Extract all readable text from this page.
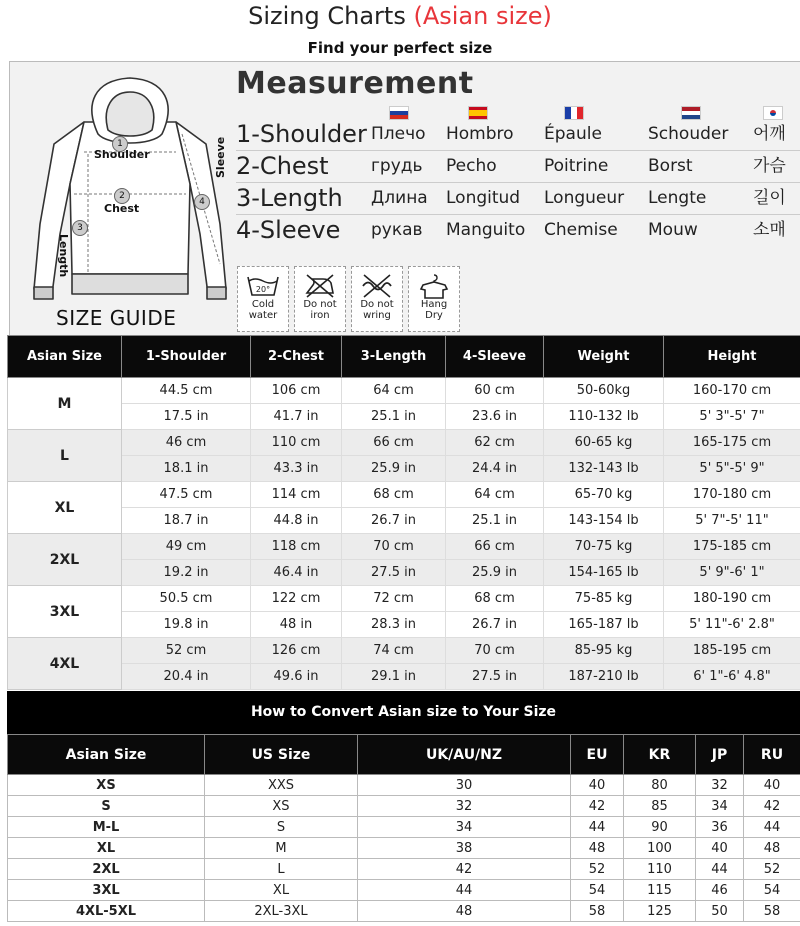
Sizing Charts (Asian size)
Find your perfect size
1
Shoulder
2
Chest
3
Length
4
Sleeve
SIZE GUIDE
Measurement
1-Shoulder Плечо Hombro Épaule	Schouder 어깨
2-Chest грудь Pecho	Poitrine Borst	가슴
3-Length Длина Longitud Longueur Lengte	길이
4-Sleeve рукав Manguito Chemise Mouw	소매
20°
Cold
water
Do not
iron
Do not
wring
Hang
Dry
Asian Size	1-Shoulder	2-Chest	3-Length	4-Sleeve	Weight	Height
M	44.5 cm	106 cm	64 cm	60 cm	50-60kg	160-170 cm
	17.5 in	41.7 in	25.1 in	23.6 in	110-132 lb	5' 3"-5' 7"
L	46 cm	110 cm	66 cm	62 cm	60-65 kg	165-175 cm
	18.1 in	43.3 in	25.9 in	24.4 in	132-143 lb	5' 5"-5' 9"
XL	47.5 cm	114 cm	68 cm	64 cm	65-70 kg	170-180 cm
	18.7 in	44.8 in	26.7 in	25.1 in	143-154 lb	5' 7"-5' 11"
2XL	49 cm	118 cm	70 cm	66 cm	70-75 kg	175-185 cm
	19.2 in	46.4 in	27.5 in	25.9 in	154-165 lb	5' 9"-6' 1"
3XL	50.5 cm	122 cm	72 cm	68 cm	75-85 kg	180-190 cm
	19.8 in	48 in	28.3 in	26.7 in	165-187 lb	5' 11"-6' 2.8"
4XL	52 cm	126 cm	74 cm	70 cm	85-95 kg	185-195 cm
	20.4 in	49.6 in	29.1 in	27.5 in	187-210 lb	6' 1"-6' 4.8"
How to Convert Asian size to Your Size
Asian Size	US Size	UK/AU/NZ	EU	KR	JP	RU
XS	XXS	30	40	80	32	40
S	XS	32	42	85	34	42
M-L	S	34	44	90	36	44
XL	M	38	48	100	40	48
2XL	L	42	52	110	44	52
3XL	XL	44	54	115	46	54
4XL-5XL	2XL-3XL	48	58	125	50	58
